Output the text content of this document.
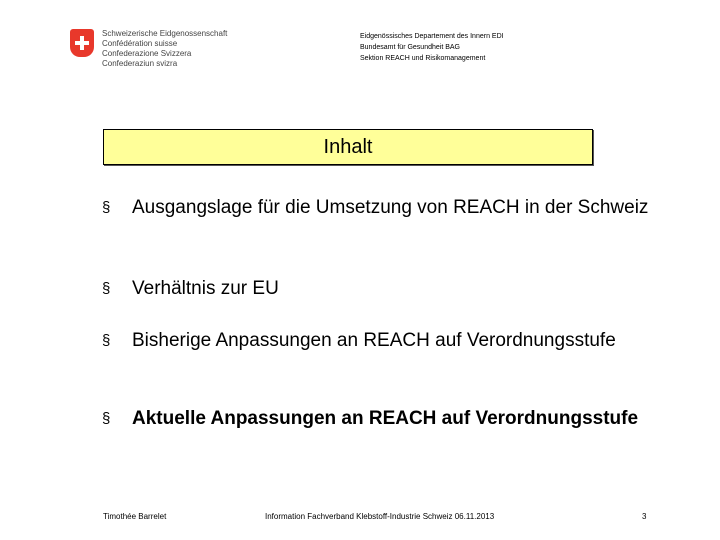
Schweizerische Eidgenossenschaft
Confédération suisse
Confederazione Svizzera
Confederaziun svizra
Eidgenössisches Departement des Innern EDI
Bundesamt für Gesundheit BAG
Sektion REACH und Risikomanagement
Inhalt
§ Ausgangslage für die Umsetzung von REACH in der Schweiz
§ Verhältnis zur EU
§ Bisherige Anpassungen an REACH auf Verordnungsstufe
§ Aktuelle Anpassungen an REACH auf Verordnungsstufe
Timothée Barrelet	Information Fachverband Klebstoff-Industrie Schweiz 06.11.2013	3
